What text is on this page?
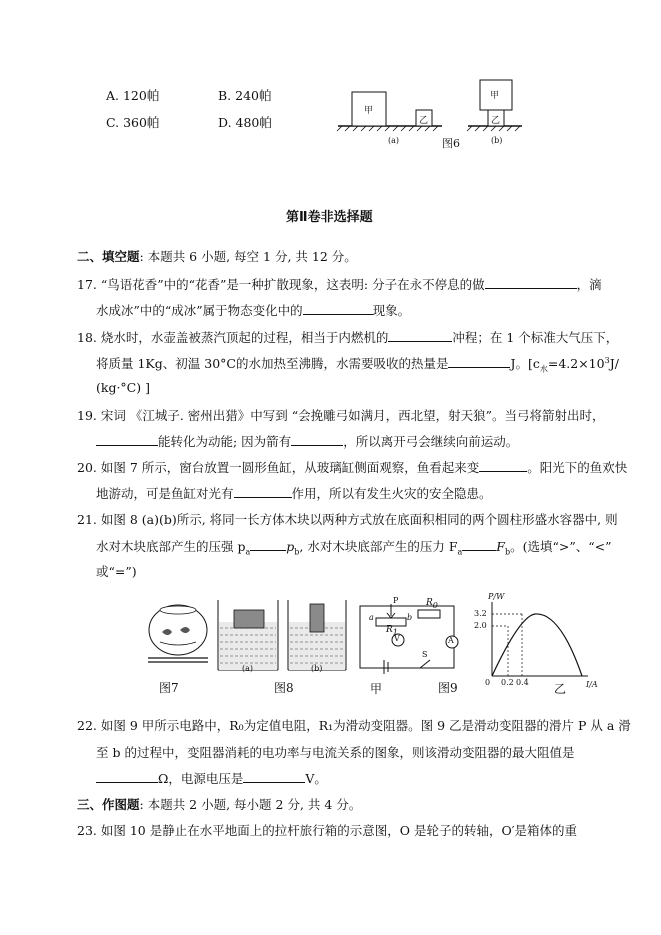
A. 120帕	B. 240帕
C. 360帕	D. 480帕
甲
乙
甲
乙
(a)	图6	(b)
第Ⅱ卷非选择题
二、填空题: 本题共 6 小题, 每空 1 分, 共 12 分。
17. “鸟语花香”中的“花香”是一种扩散现象，这表明: 分子在永不停息的做	，滴
水成冰”中的“成冰”属于物态变化中的	现象。
18. 烧水时，水壶盖被蒸汽顶起的过程，相当于内燃机的	冲程；在 1 个标准大气压下，
将质量 1Kg、初温 30°C的水加热至沸腾，水需要吸收的热量是	J。[$c_水=4.2\times 10^3J/$
(kg·°C) ]
19. 宋词 《江城子. 密州出猎》中写到 “会挽雕弓如满月，西北望，射天狼”。当弓将箭射出时，
能转化为动能; 因为箭有	，所以离开弓会继续向前运动。
20. 如图 7 所示，窗台放置一圆形鱼缸，从玻璃缸侧面观察，鱼看起来变	。阳光下的鱼欢快
地游动，可是鱼缸对光有	作用，所以有发生火灾的安全隐患。
21. 如图 8 (a)(b)所示, 将同一长方体木块以两种方式放在底面积相同的两个圆柱形盛水容器中, 则
水对木块底部产生的压强 $p_a$	$p_b$, 水对木块底部产生的压力 $F_a$	$F_b$。(选填“>”、“<”
或“=”)
图7
(a)	(b)
图8	甲	图9	乙
P
a	b
R0
R1
V	A
S
P/W
I/A
3.2
2.0
0 0.2 0.4
22. 如图 9 甲所示电路中，R₀为定值电阻，R₁为滑动变阻器。图 9 乙是滑动变阻器的滑片 P 从 a 滑
至 b 的过程中，变阻器消耗的电功率与电流关系的图象，则该滑动变阻器的最大阻值是
Ω，电源电压是	V。
三、作图题: 本题共 2 小题, 每小题 2 分, 共 4 分。
23. 如图 10 是静止在水平地面上的拉杆旅行箱的示意图，O 是轮子的转轴，O′是箱体的重
